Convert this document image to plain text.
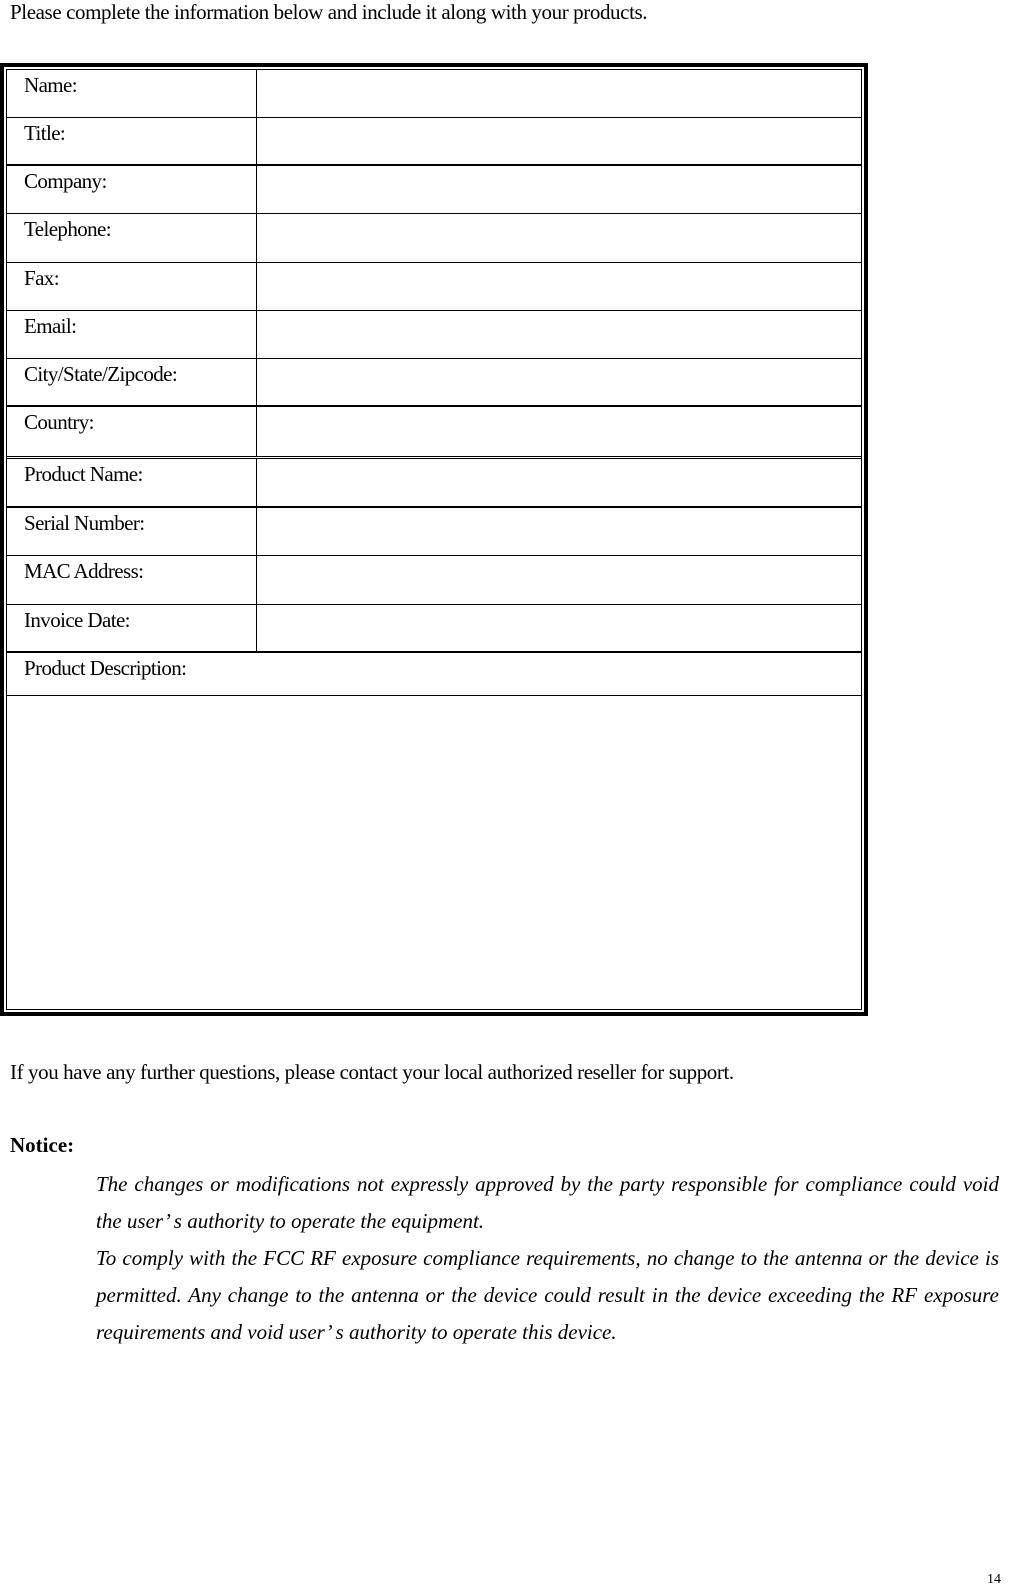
Please complete the information below and include it along with your products.

Name:
Title:
Company:
Telephone:
Fax:
Email:
City/State/Zipcode:
Country:
Product Name:
Serial Number:
MAC Address:
Invoice Date:
Product Description:

If you have any further questions, please contact your local authorized reseller for support.

Notice:

The changes or modifications not expressly approved by the party responsible for compliance could void the user’ s authority to operate the equipment.

To comply with the FCC RF exposure compliance requirements, no change to the antenna or the device is permitted. Any change to the antenna or the device could result in the device exceeding the RF exposure requirements and void user’ s authority to operate this device.

14
